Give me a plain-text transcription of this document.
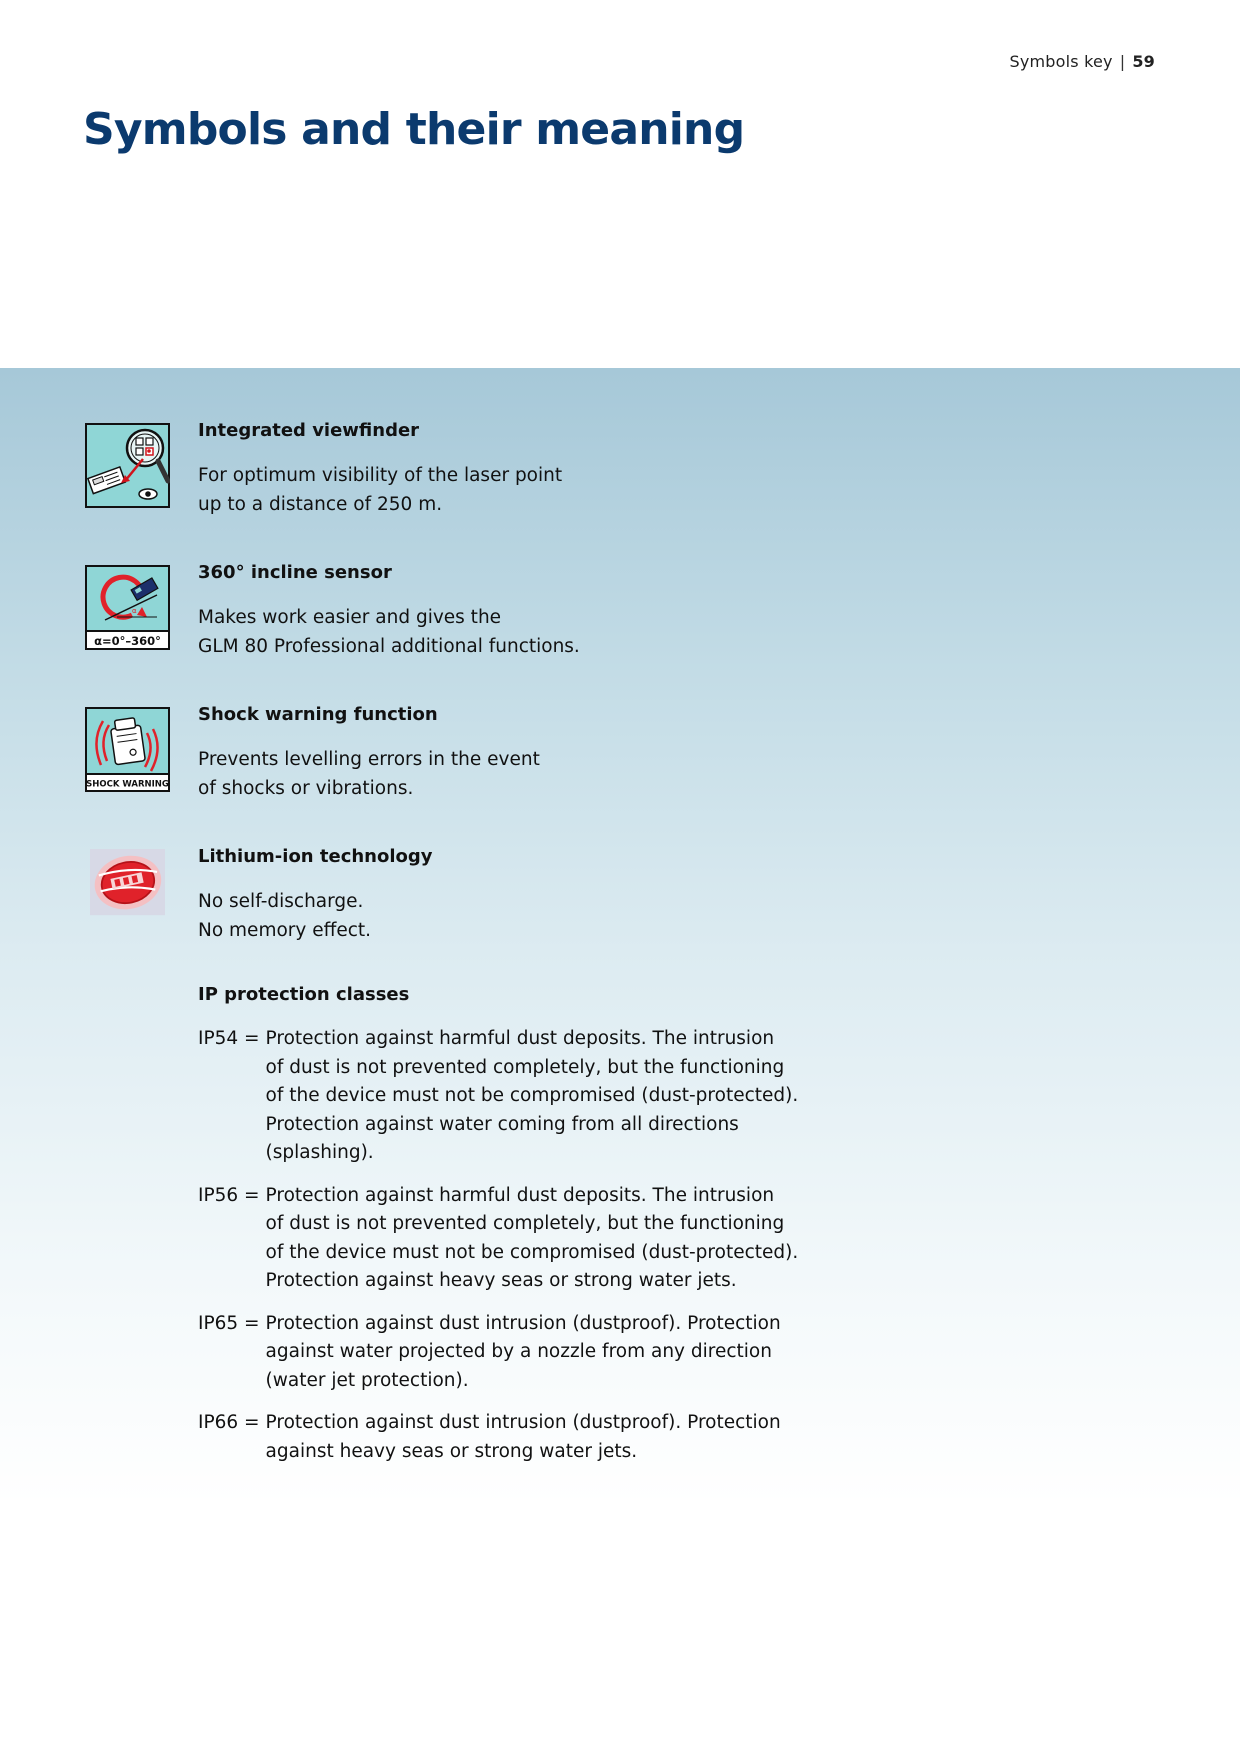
Symbols key | 59
Symbols and their meaning
Integrated viewfinder

For optimum visibility of the laser point
up to a distance of 250 m.

α=0°–360°
α
360° incline sensor

Makes work easier and gives the
GLM 80 Professional additional functions.

SHOCK WARNING
Shock warning function

Prevents levelling errors in the event
of shocks or vibrations.

Lithium-ion technology

No self-discharge.
No memory effect.

IP protection classes
IP54 = Protection against harmful dust deposits. The intrusion
of dust is not prevented completely, but the functioning
of the device must not be compromised (dust-protected).
Protection against water coming from all directions
(splashing).
IP56 = Protection against harmful dust deposits. The intrusion
of dust is not prevented completely, but the functioning
of the device must not be compromised (dust-protected).
Protection against heavy seas or strong water jets.
IP65 = Protection against dust intrusion (dustproof). Protection
against water projected by a nozzle from any direction
(water jet protection).
IP66 = Protection against dust intrusion (dustproof). Protection
against heavy seas or strong water jets.
